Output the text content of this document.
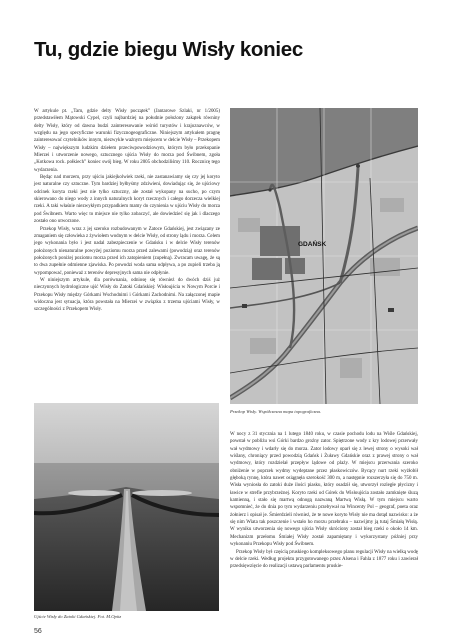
Tu, gdzie biegu Wisły koniec

W artykule pt. „Tam, gdzie delty Wisły początek” (Jantarowe Szlaki, nr 1/2005) przedstawiłem Mątowski Cypel, czyli najbardziej na południe położony zakątek równiny delty Wisły, który od dawna budzi zainteresowanie wśród turystów i krajoznawców, w względu na jego specyficzne warunki fizycznogeograficzne. Niniejszym artykułem pragnę zainteresować czytelników innym, niezwykle ważnym miejscem w delcie Wisły – Przekopem Wisły – największym ludzkim dziełem przeciwpowodziowym, którym było przekopanie Mierzei i utworzenie nowego, sztucznego ujścia Wisły do morza pod Świbnem, zgoła „Kotkowa rock. połkiech” koniec swój bieg. W roku 2005 obchodziliśmy 110. Rocznicę tego wydarzenia.

Będąc nad morzem, przy ujściu jakiejkolwiek rzeki, nie zastanawiamy się czy jej koryto jest naturalne czy sztuczne. Tym bardziej byłbyśmy zdziwieni, dowiadując się, że ujściowy odcinek koryta rzeki jest nie tylko sztuczny, ale został wykopany na sucho, po czym skierowano do niego wody z innych naturalnych koryt rzecznych i całego dorzecza wielkiej rzeki. A taki właśnie niezwykłym przypadkiem mamy do czynienia w ujściu Wisły do morza pod Świbnem. Warto więc to miejsce nie tylko zobaczyć, ale dowiedzieć się jak i dlaczego zostało ono utworzone.

Przekop Wisły, wraz z jej szeroko rozbudowanym w Zatoce Gdańskiej, jest związany ze zmaganiem się człowieka z żywiołem wodnym w delcie Wisły, od strony lądu i morza. Celem jego wykonania było i jest nadal zabezpieczenie w Gdańsku i w delcie Wisły terenów położonych nienaturalne powyżej poziomu morza przed zalewami (powodzią) oraz terenów położonych poniżej poziomu morza przed ich zatopieniem (zupełną). Zwracam uwagę, że są to dwa zupełnie odmienne zjawiska. Po powodzi woda sama odpływa, a po zupieli trzeba ją wypompować, ponieważ z terenów depresyjnych sama nie odpłynie.

W niniejszym artykule, dla porównania, odniosę się również do dwóch dziś już nieczynnych hydrologiczne ujść Wisły do Zatoki Gdańskiej: Wisłoujścia w Nowym Porcie i Przekopu Wisły między Górkami Wschodnimi i Górkami Zachodnimi. Na załączonej mapie widoczna jest sytuacja, która powstała na Mierzei w związku z trzema ujściami Wisły, w szczególności z Przekopem Wisły.

GDAŃSK
Przekop Wisły. Współczesna mapa topograficzna.
Ujście Wisły do Zatoki Gdańskiej. Fot. M.Opitz

W nocy z 31 stycznia na 1 lutego 1840 roku, w czasie pochodu lodu na Wiśle Gdańskiej, powstał w pobliżu wsi Górki bardzo groźny zator. Spiętrzone wody z kry lodowej przerwały wał wydmowy i wdarły się do morza. Zator lodowy oparł się z lewej strony o wysoki wał wiślany, chroniący przed powodzią Gdańsk i Żuławy Gdańskie oraz z prawej strony o wał wydmowy, który rozdzielał przepływ lądowe od plaży. W miejscu przerwania szeroko obniżenie w poprzek wydmy wydeptane przez płaskowiczów. Bycący nurt rzeki wyżłobił głęboką rynnę, która nawet osiągnęła szerokość 300 m, a następnie rozszerzyła się do 750 m. Wisła wyniosła do zatoki duże ilości piasku, który osadził się, utworzył rozległe płycizny i ławice w strefie przybrzeżnej. Koryto rzeki od Górek do Wisłoujścia zostało zamknięte śluzą kamienną, i stało się martwą odnogą nazwaną Martwą Wisłą. W tym miejscu warto wspomnieć, że do dnia po tym wydarzeniu przebywał na Wincenty Pol – geograf, poeta oraz żołnierz i opisał je. Śmierdzieli również, że te nowe koryto Wisły nie ma dotąd nazwisko: a że się nim Wiata tak poszczenie i wstało ho morzu przebraku – nazwijmy ją tutaj Śmiałą Wisłą. W wyniku utworzenia się nowego ujścia Wisły skróciony został bieg rzeki o około 14 km. Mechanizm przełomu Śmiałej Wisły został zapamiętany i wykorzystany później przy wykonaniu Przekopu Wisły pod Świbnem.

Przekop Wisły był częścią pruskiego kompleksowego planu regulacji Wisły na wielką wodę w delcie rzeki. Według projektu przygotowanego przez Alsena i Fahla z 1877 roku i zawierał przedsięwzięcie do realizacji ustawą parlamentu pruskie-

56
